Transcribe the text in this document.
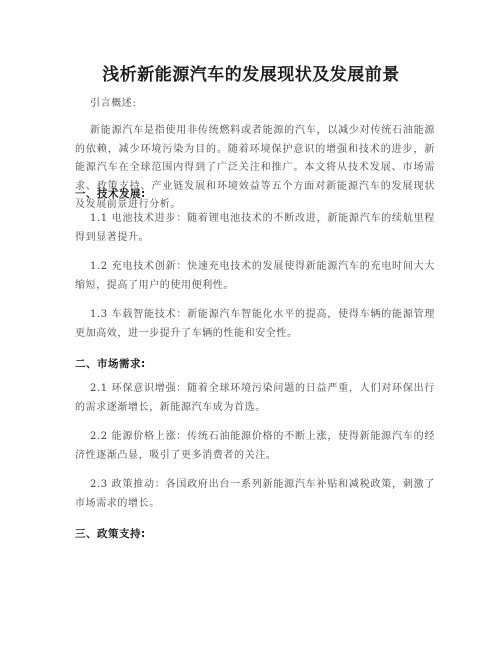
浅析新能源汽车的发展现状及发展前景
引言概述:
新能源汽车是指使用非传统燃料或者能源的汽车，以减少对传统石油能源的依赖，减少环境污染为目的。随着环境保护意识的增强和技术的进步，新能源汽车在全球范围内得到了广泛关注和推广。本文将从技术发展、市场需求、政策支持、产业链发展和环境效益等五个方面对新能源汽车的发展现状及发展前景进行分析。
一、技术发展:
1.1 电池技术进步：随着锂电池技术的不断改进，新能源汽车的续航里程得到显著提升。
1.2 充电技术创新：快速充电技术的发展使得新能源汽车的充电时间大大缩短，提高了用户的使用便利性。
1.3 车载智能技术：新能源汽车智能化水平的提高，使得车辆的能源管理更加高效，进一步提升了车辆的性能和安全性。
二、市场需求:
2.1 环保意识增强：随着全球环境污染问题的日益严重，人们对环保出行的需求逐渐增长，新能源汽车成为首选。
2.2 能源价格上涨：传统石油能源价格的不断上涨，使得新能源汽车的经济性逐渐凸显，吸引了更多消费者的关注。
2.3 政策推动：各国政府出台一系列新能源汽车补贴和减税政策，刺激了市场需求的增长。
三、政策支持:
